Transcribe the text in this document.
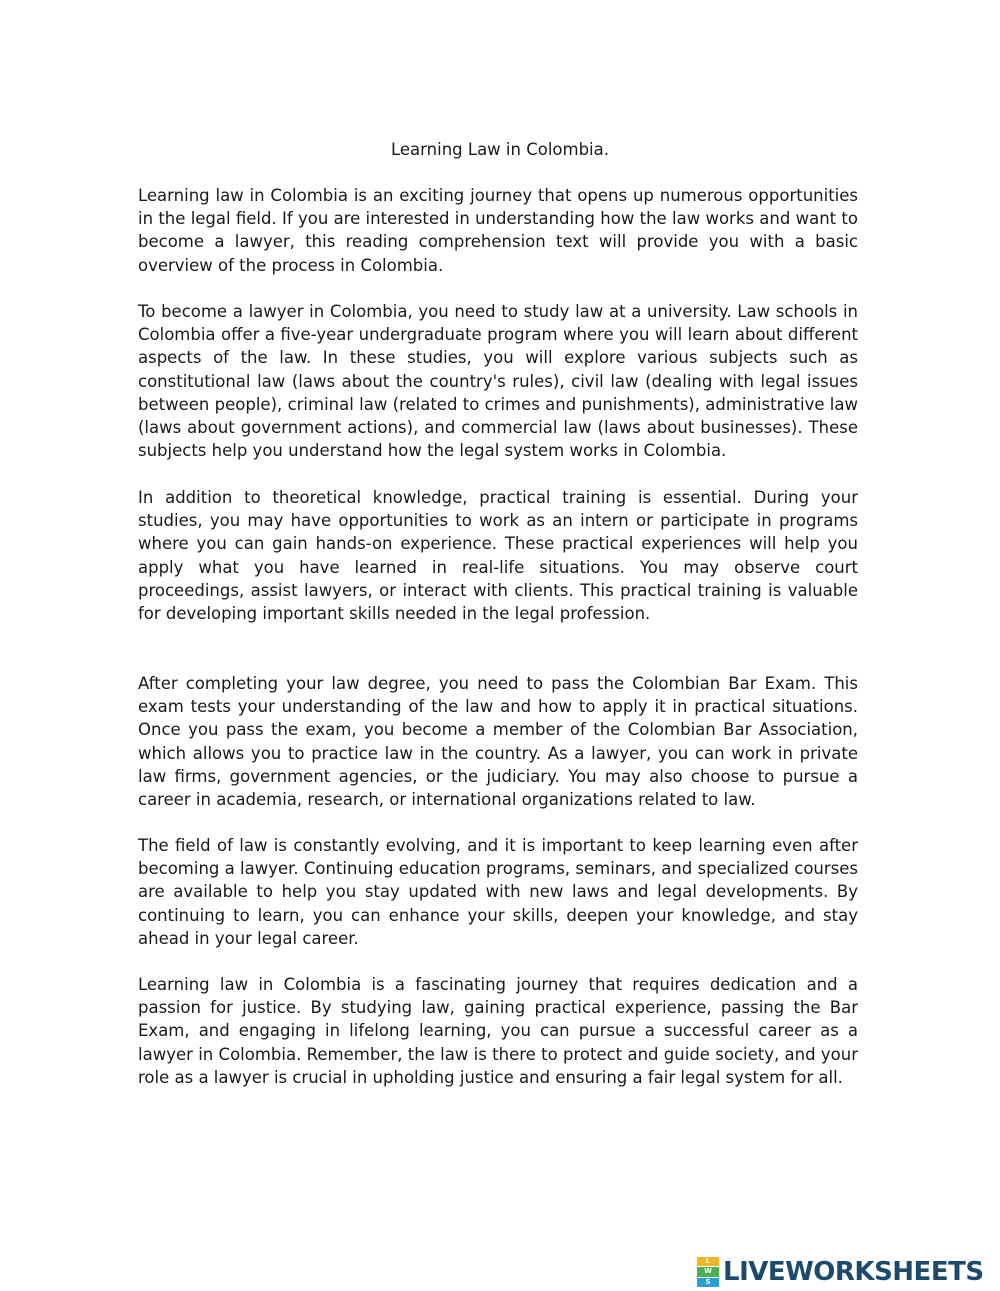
Learning Law in Colombia.

Learning law in Colombia is an exciting journey that opens up numerous opportunities in the legal field. If you are interested in understanding how the law works and want to become a lawyer, this reading comprehension text will provide you with a basic overview of the process in Colombia.

To become a lawyer in Colombia, you need to study law at a university. Law schools in Colombia offer a five-year undergraduate program where you will learn about different aspects of the law. In these studies, you will explore various subjects such as constitutional law (laws about the country's rules), civil law (dealing with legal issues between people), criminal law (related to crimes and punishments), administrative law (laws about government actions), and commercial law (laws about businesses). These subjects help you understand how the legal system works in Colombia.

In addition to theoretical knowledge, practical training is essential. During your studies, you may have opportunities to work as an intern or participate in programs where you can gain hands-on experience. These practical experiences will help you apply what you have learned in real-life situations. You may observe court proceedings, assist lawyers, or interact with clients. This practical training is valuable for developing important skills needed in the legal profession.

After completing your law degree, you need to pass the Colombian Bar Exam. This exam tests your understanding of the law and how to apply it in practical situations. Once you pass the exam, you become a member of the Colombian Bar Association, which allows you to practice law in the country. As a lawyer, you can work in private law firms, government agencies, or the judiciary. You may also choose to pursue a career in academia, research, or international organizations related to law.

The field of law is constantly evolving, and it is important to keep learning even after becoming a lawyer. Continuing education programs, seminars, and specialized courses are available to help you stay updated with new laws and legal developments. By continuing to learn, you can enhance your skills, deepen your knowledge, and stay ahead in your legal career.

Learning law in Colombia is a fascinating journey that requires dedication and a passion for justice. By studying law, gaining practical experience, passing the Bar Exam, and engaging in lifelong learning, you can pursue a successful career as a lawyer in Colombia. Remember, the law is there to protect and guide society, and your role as a lawyer is crucial in upholding justice and ensuring a fair legal system for all.

L
W
S LIVEWORKSHEETS
